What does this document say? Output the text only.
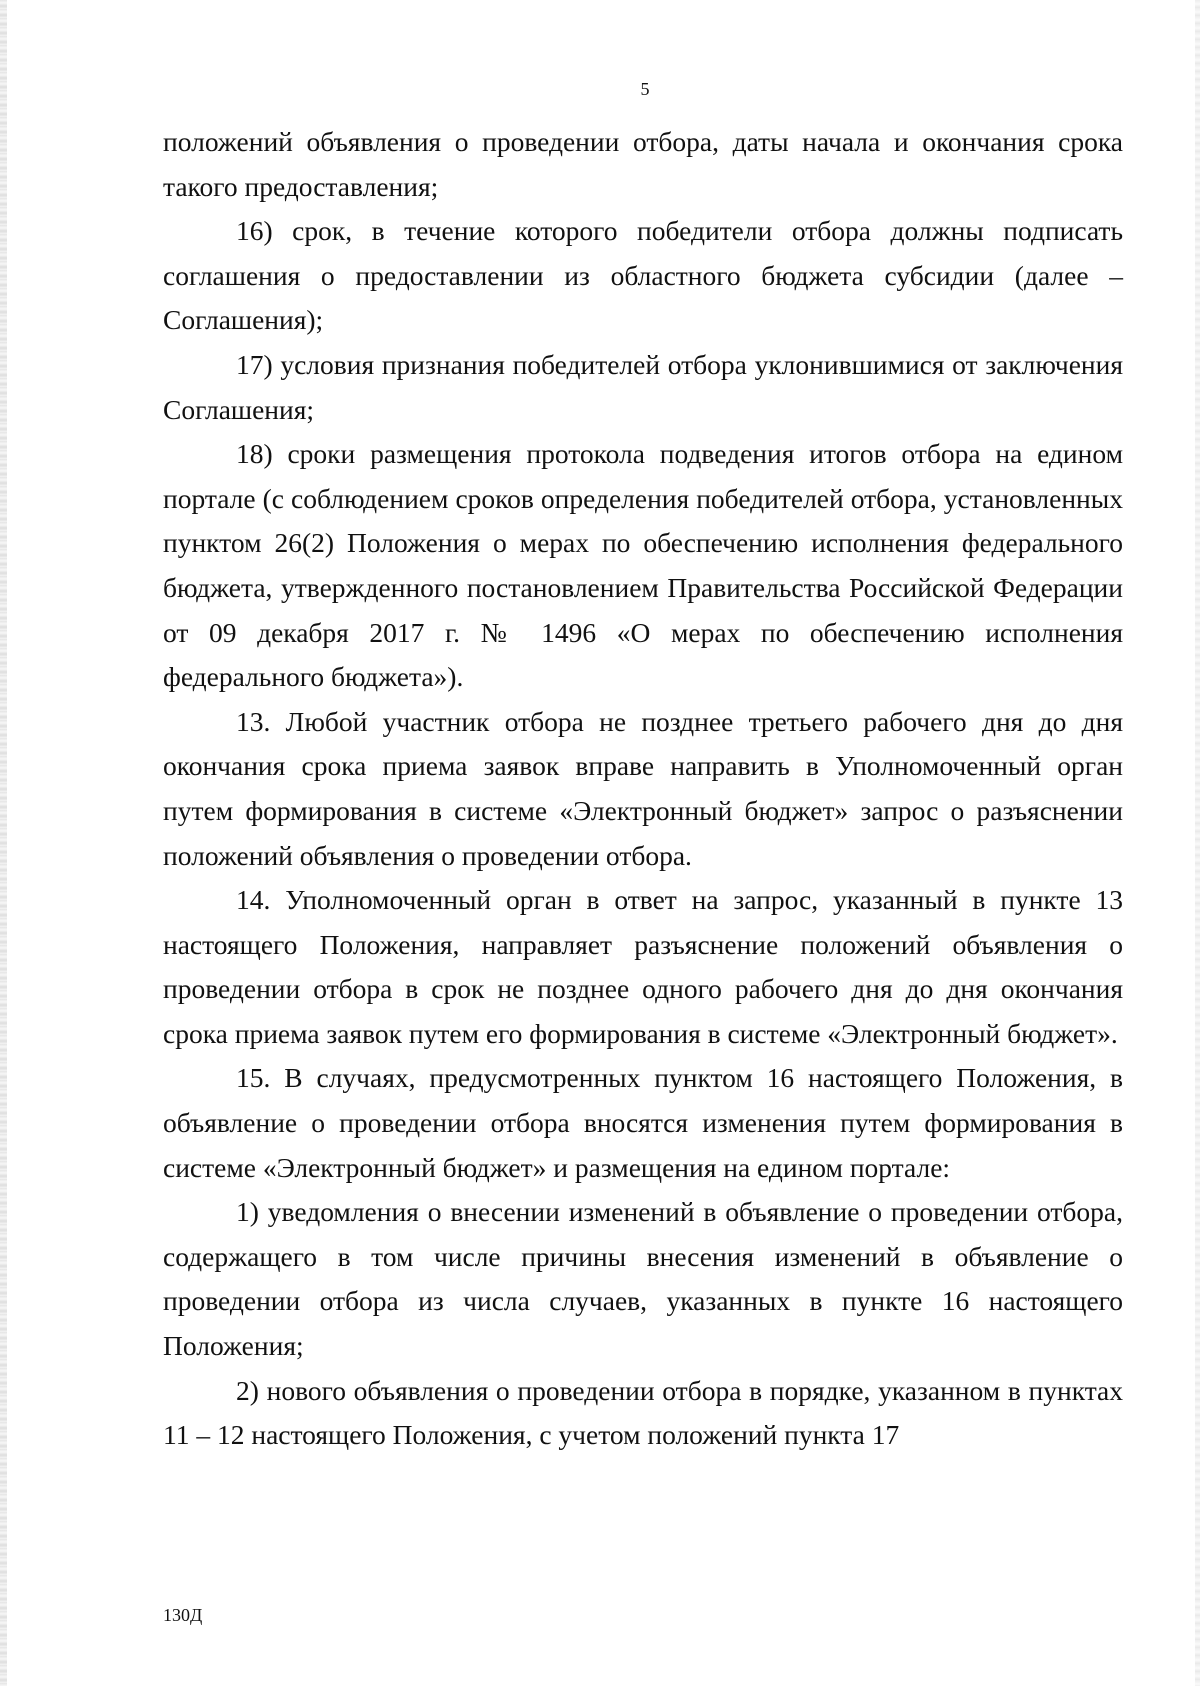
5

положений объявления о проведении отбора, даты начала и окончания срока такого предоставления;

16) срок, в течение которого победители отбора должны подписать соглашения о предоставлении из областного бюджета субсидии (далее – Соглашения);

17) условия признания победителей отбора уклонившимися от заключения Соглашения;

18) сроки размещения протокола подведения итогов отбора на едином портале (с соблюдением сроков определения победителей отбора, установленных пунктом 26(2) Положения о мерах по обеспечению исполнения федерального бюджета, утвержденного постановлением Правительства Российской Федерации от 09 декабря 2017 г. № 1496 «О мерах по обеспечению исполнения федерального бюджета»).

13. Любой участник отбора не позднее третьего рабочего дня до дня окончания срока приема заявок вправе направить в Уполномоченный орган путем формирования в системе «Электронный бюджет» запрос о разъяснении положений объявления о проведении отбора.

14. Уполномоченный орган в ответ на запрос, указанный в пункте 13 настоящего Положения, направляет разъяснение положений объявления о проведении отбора в срок не позднее одного рабочего дня до дня окончания срока приема заявок путем его формирования в системе «Электронный бюджет».

15. В случаях, предусмотренных пунктом 16 настоящего Положения, в объявление о проведении отбора вносятся изменения путем формирования в системе «Электронный бюджет» и размещения на едином портале:

1) уведомления о внесении изменений в объявление о проведении отбора, содержащего в том числе причины внесения изменений в объявление о проведении отбора из числа случаев, указанных в пункте 16 настоящего Положения;

2) нового объявления о проведении отбора в порядке, указанном в пунктах 11 – 12 настоящего Положения, с учетом положений пункта 17

130Д
